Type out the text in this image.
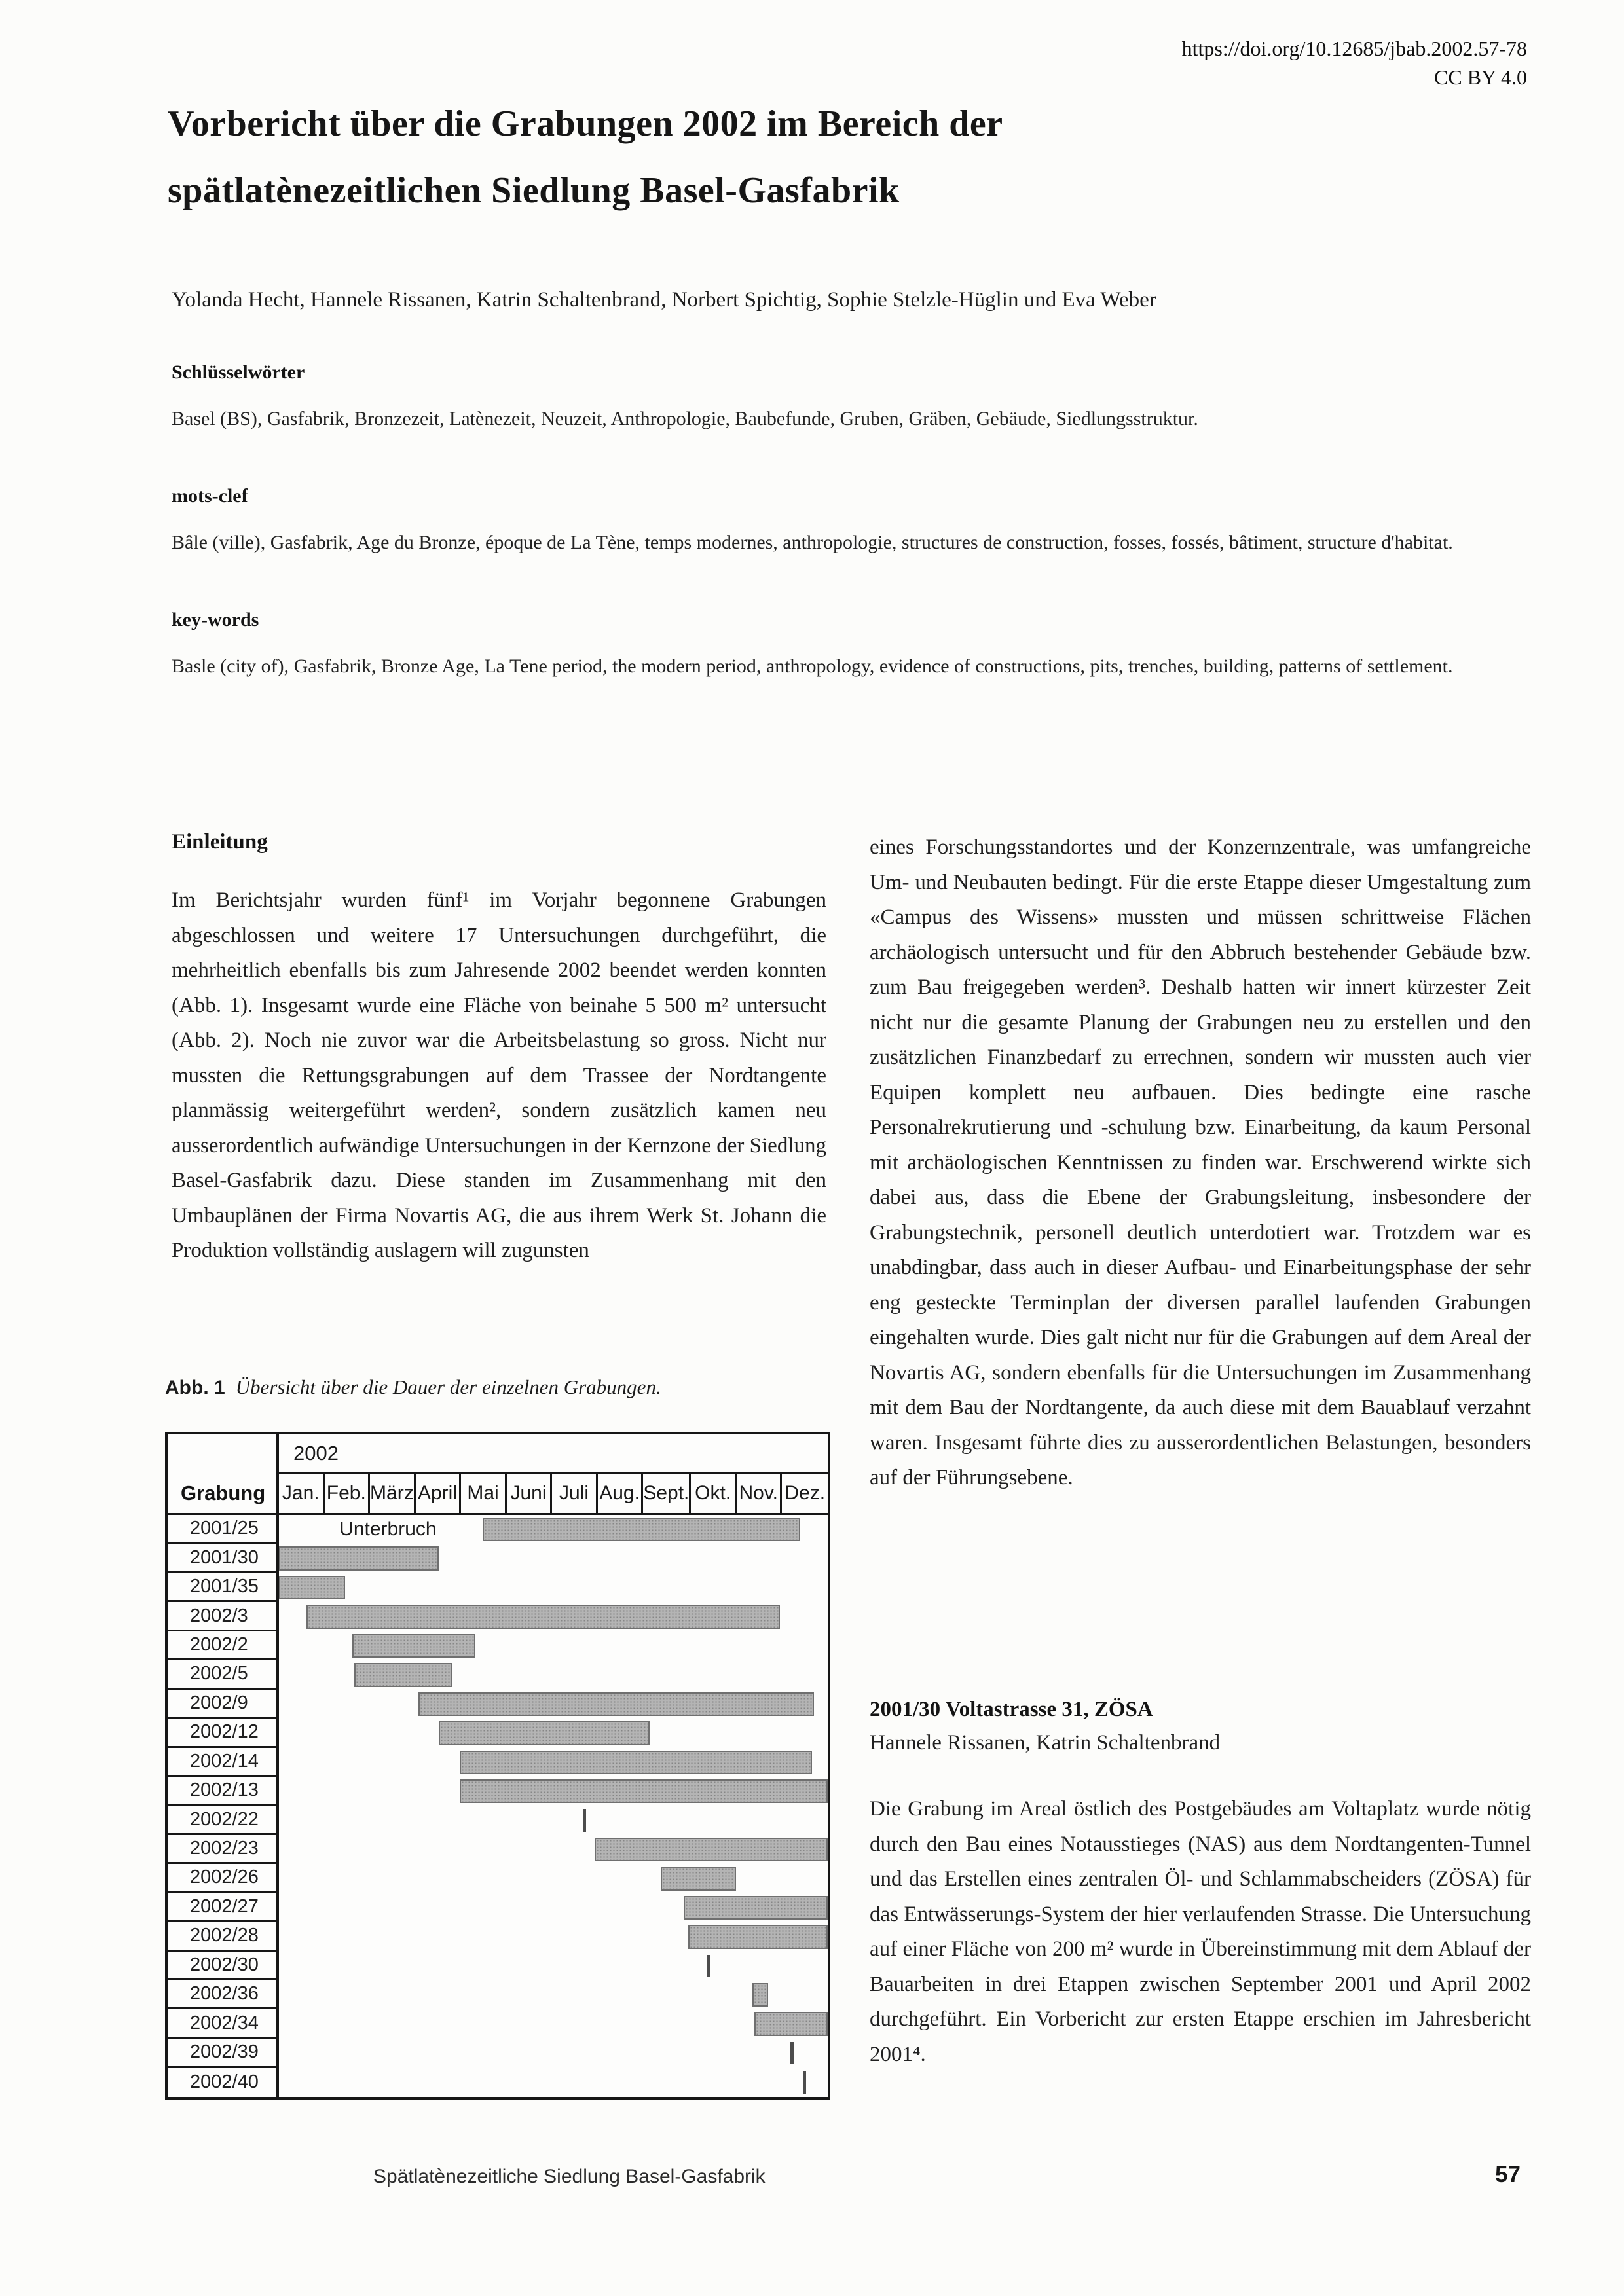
https://doi.org/10.12685/jbab.2002.57-78
CC BY 4.0
Vorbericht über die Grabungen 2002 im Bereich der
spätlatènezeitlichen Siedlung Basel-Gasfabrik
Yolanda Hecht, Hannele Rissanen, Katrin Schaltenbrand, Norbert Spichtig, Sophie Stelzle-Hüglin und Eva Weber

Schlüsselwörter

Basel (BS), Gasfabrik, Bronzezeit, Latènezeit, Neuzeit, Anthropologie, Baubefunde, Gruben, Gräben, Gebäude, Siedlungsstruktur.

mots-clef

Bâle (ville), Gasfabrik, Age du Bronze, époque de La Tène, temps modernes, anthropologie, structures de construction, fosses, fossés, bâtiment, structure d'habitat.

key-words

Basle (city of), Gasfabrik, Bronze Age, La Tene period, the modern period, anthropology, evidence of constructions, pits, trenches, building, patterns of settlement.

Einleitung

Im Berichtsjahr wurden fünf¹ im Vorjahr begonnene Grabungen abgeschlossen und weitere 17 Untersuchungen durchgeführt, die mehrheitlich ebenfalls bis zum Jahresende 2002 beendet werden konnten (Abb. 1). Insgesamt wurde eine Fläche von beinahe 5 500 m² untersucht (Abb. 2). Noch nie zuvor war die Arbeitsbelastung so gross. Nicht nur mussten die Rettungsgrabungen auf dem Trassee der Nordtangente planmässig weitergeführt werden², sondern zusätzlich kamen neu ausserordentlich aufwändige Untersuchungen in der Kernzone der Siedlung Basel-Gasfabrik dazu. Diese standen im Zusammenhang mit den Umbauplänen der Firma Novartis AG, die aus ihrem Werk St. Johann die Produktion vollständig auslagern will zugunsten

Abb. 1 Übersicht über die Dauer der einzelnen Grabungen.
Grabung
2002
Jan. Feb. März April Mai Juni Juli Aug. Sept. Okt. Nov. Dez.
2001/25	Unterbruch
2001/30
2001/35
2002/3
2002/2
2002/5
2002/9
2002/12
2002/14
2002/13
2002/22
2002/23
2002/26
2002/27
2002/28
2002/30
2002/36
2002/34
2002/39
2002/40

eines Forschungsstandortes und der Konzernzentrale, was umfangreiche Um- und Neubauten bedingt. Für die erste Etappe dieser Umgestaltung zum «Campus des Wissens» mussten und müssen schrittweise Flächen archäologisch untersucht und für den Abbruch bestehender Gebäude bzw. zum Bau freigegeben werden³. Deshalb hatten wir innert kürzester Zeit nicht nur die gesamte Planung der Grabungen neu zu erstellen und den zusätzlichen Finanzbedarf zu errechnen, sondern wir mussten auch vier Equipen komplett neu aufbauen. Dies bedingte eine rasche Personalrekrutierung und -schulung bzw. Einarbeitung, da kaum Personal mit archäologischen Kenntnissen zu finden war. Erschwerend wirkte sich dabei aus, dass die Ebene der Grabungsleitung, insbesondere der Grabungstechnik, personell deutlich unterdotiert war. Trotzdem war es unabdingbar, dass auch in dieser Aufbau- und Einarbeitungsphase der sehr eng gesteckte Terminplan der diversen parallel laufenden Grabungen eingehalten wurde. Dies galt nicht nur für die Grabungen auf dem Areal der Novartis AG, sondern ebenfalls für die Untersuchungen im Zusammenhang mit dem Bau der Nordtangente, da auch diese mit dem Bauablauf verzahnt waren. Insgesamt führte dies zu ausserordentlichen Belastungen, besonders auf der Führungsebene.

2001/30 Voltastrasse 31, ZÖSA

Hannele Rissanen, Katrin Schaltenbrand

Die Grabung im Areal östlich des Postgebäudes am Voltaplatz wurde nötig durch den Bau eines Notausstieges (NAS) aus dem Nordtangenten-Tunnel und das Erstellen eines zentralen Öl- und Schlammabscheiders (ZÖSA) für das Entwässerungs-System der hier verlaufenden Strasse. Die Untersuchung auf einer Fläche von 200 m² wurde in Übereinstimmung mit dem Ablauf der Bauarbeiten in drei Etappen zwischen September 2001 und April 2002 durchgeführt. Ein Vorbericht zur ersten Etappe erschien im Jahresbericht 2001⁴.

Spätlatènezeitliche Siedlung Basel-Gasfabrik	57
